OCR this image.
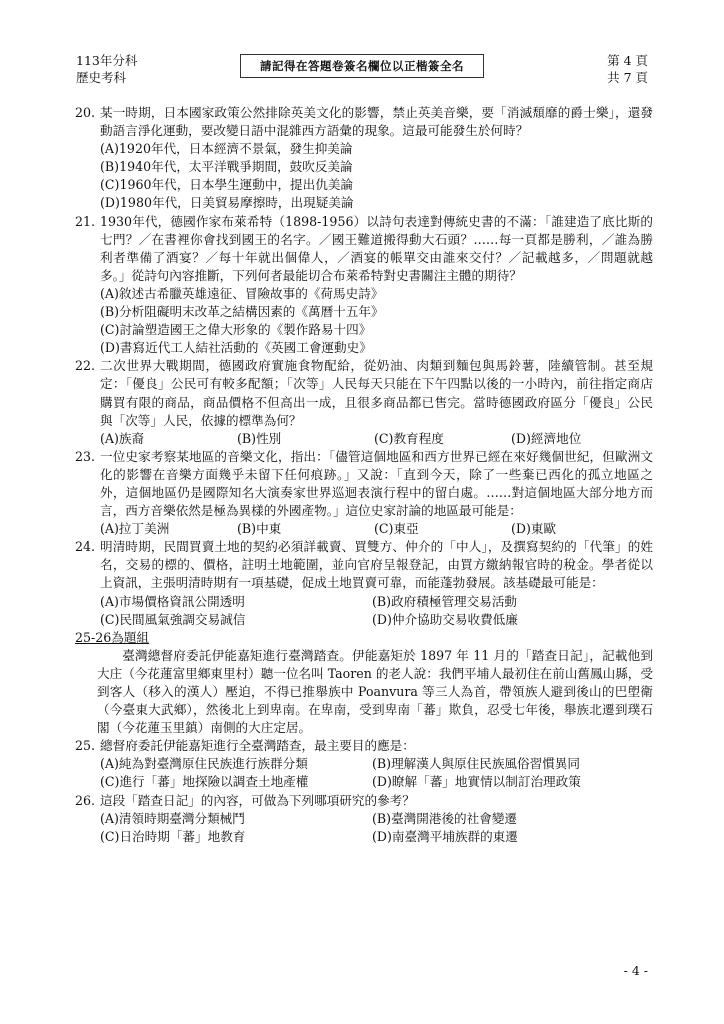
113年分科
歷史考科
請記得在答題卷簽名欄位以正楷簽全名	第 4 頁
共 7 頁
20. 某一時期，日本國家政策公然排除英美文化的影響，禁止英美音樂，要「消滅頹靡的爵士樂」，還發動語言淨化運動，要改變日語中混雜西方語彙的現象。這最可能發生於何時？
(A)1920年代，日本經濟不景氣，發生抑美論
(B)1940年代，太平洋戰爭期間，鼓吹反美論
(C)1960年代，日本學生運動中，提出仇美論
(D)1980年代，日美貿易摩擦時，出現疑美論
21. 1930年代，德國作家布萊希特（1898-1956）以詩句表達對傳統史書的不滿：「誰建造了底比斯的七門？／在書裡你會找到國王的名字。／國王難道搬得動大石頭？……每一頁都是勝利，／誰為勝利者準備了酒宴？／每十年就出個偉人，／酒宴的帳單交由誰來交付？／記載越多，／問題就越多。」從詩句內容推斷，下列何者最能切合布萊希特對史書關注主體的期待？
(A)敘述古希臘英雄遠征、冒險故事的《荷馬史詩》
(B)分析阻礙明末改革之結構因素的《萬曆十五年》
(C)討論塑造國王之偉大形象的《製作路易十四》
(D)書寫近代工人結社活動的《英國工會運動史》
22. 二次世界大戰期間，德國政府實施食物配給，從奶油、肉類到麵包與馬鈴薯，陸續管制。甚至規定：「優良」公民可有較多配額；「次等」人民每天只能在下午四點以後的一小時內，前往指定商店購買有限的商品，商品價格不但高出一成，且很多商品都已售完。當時德國政府區分「優良」公民與「次等」人民，依據的標準為何？
(A)族裔	(B)性別	(C)教育程度	(D)經濟地位
23. 一位史家考察某地區的音樂文化，指出：「儘管這個地區和西方世界已經在來好幾個世紀，但歐洲文化的影響在音樂方面幾乎未留下任何痕跡。」又說：「直到今天，除了一些棄已西化的孤立地區之外，這個地區仍是國際知名大演奏家世界巡迴表演行程中的留白處。……對這個地區大部分地方而言，西方音樂依然是極為異樣的外國產物。」這位史家討論的地區最可能是：
(A)拉丁美洲	(B)中東	(C)東亞	(D)東歐
24. 明清時期，民間買賣土地的契約必須詳載賣、買雙方、仲介的「中人」，及撰寫契約的「代筆」的姓名，交易的標的、價格，註明土地範圍，並向官府呈報登記，由買方繳納報官時的稅金。學者從以上資訊，主張明清時期有一項基礎，促成土地買賣可靠，而能蓬勃發展。該基礎最可能是：
(A)市場價格資訊公開透明	(B)政府積極管理交易活動
(C)民間風氣強調交易誠信	(D)仲介協助交易收費低廉
25-26為題組
臺灣總督府委託伊能嘉矩進行臺灣踏查。伊能嘉矩於 1897 年 11 月的「踏查日記」，記載他到大庄（今花蓮富里鄉東里村）聽一位名叫 Taoren 的老人說：我們平埔人最初住在前山舊鳳山縣，受到客人（移入的漢人）壓迫，不得已推舉族中 Poanvura 等三人為首，帶領族人避到後山的巴塱衛（今臺東大武鄉），然後北上到卑南。在卑南，受到卑南「蕃」欺負，忍受七年後，舉族北遷到璞石閣（今花蓮玉里鎮）南側的大庄定居。
25. 總督府委託伊能嘉矩進行全臺灣踏查，最主要目的應是：
(A)純為對臺灣原住民族進行族群分類	(B)理解漢人與原住民族風俗習慣異同
(C)進行「蕃」地探險以調查土地產權	(D)瞭解「蕃」地實情以制訂治理政策
26. 這段「踏查日記」的內容，可做為下列哪項研究的參考？
(A)清領時期臺灣分類械鬥	(B)臺灣開港後的社會變遷
(C)日治時期「蕃」地教育	(D)南臺灣平埔族群的東遷
- 4 -
